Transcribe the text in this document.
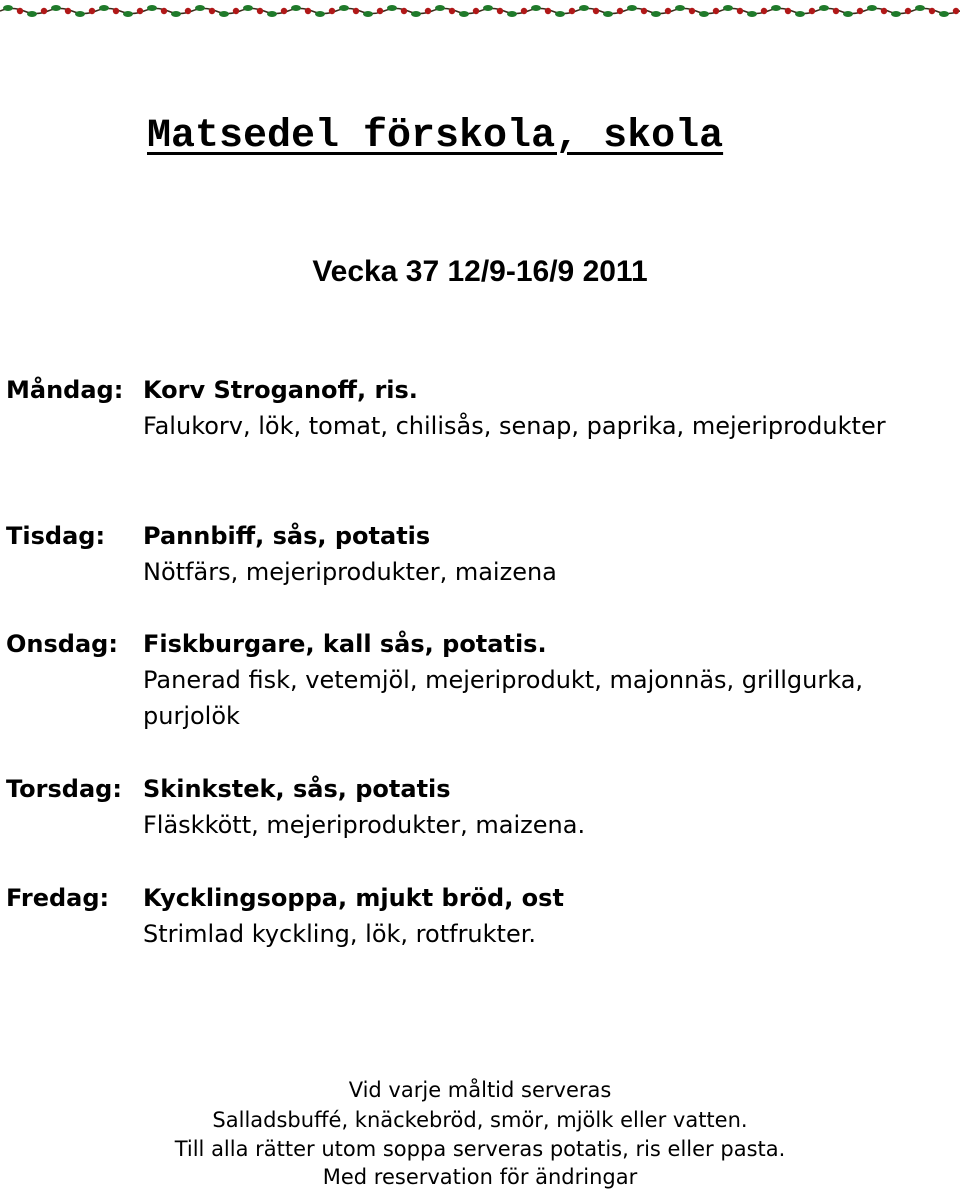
Matsedel förskola, skola
Vecka 37 12/9-16/9 2011
Måndag: Korv Stroganoff, ris.
Falukorv, lök, tomat, chilisås, senap, paprika, mejeriprodukter
Tisdag: Pannbiff, sås, potatis
Nötfärs, mejeriprodukter, maizena
Onsdag: Fiskburgare, kall sås, potatis.
Panerad fisk, vetemjöl, mejeriprodukt, majonnäs, grillgurka, purjolök
Torsdag: Skinkstek, sås, potatis
Fläskkött, mejeriprodukter, maizena.
Fredag: Kycklingsoppa, mjukt bröd, ost
Strimlad kyckling, lök, rotfrukter.
Vid varje måltid serveras
Salladsbuffé, knäckebröd, smör, mjölk eller vatten.
Till alla rätter utom soppa serveras potatis, ris eller pasta.
Med reservation för ändringar
